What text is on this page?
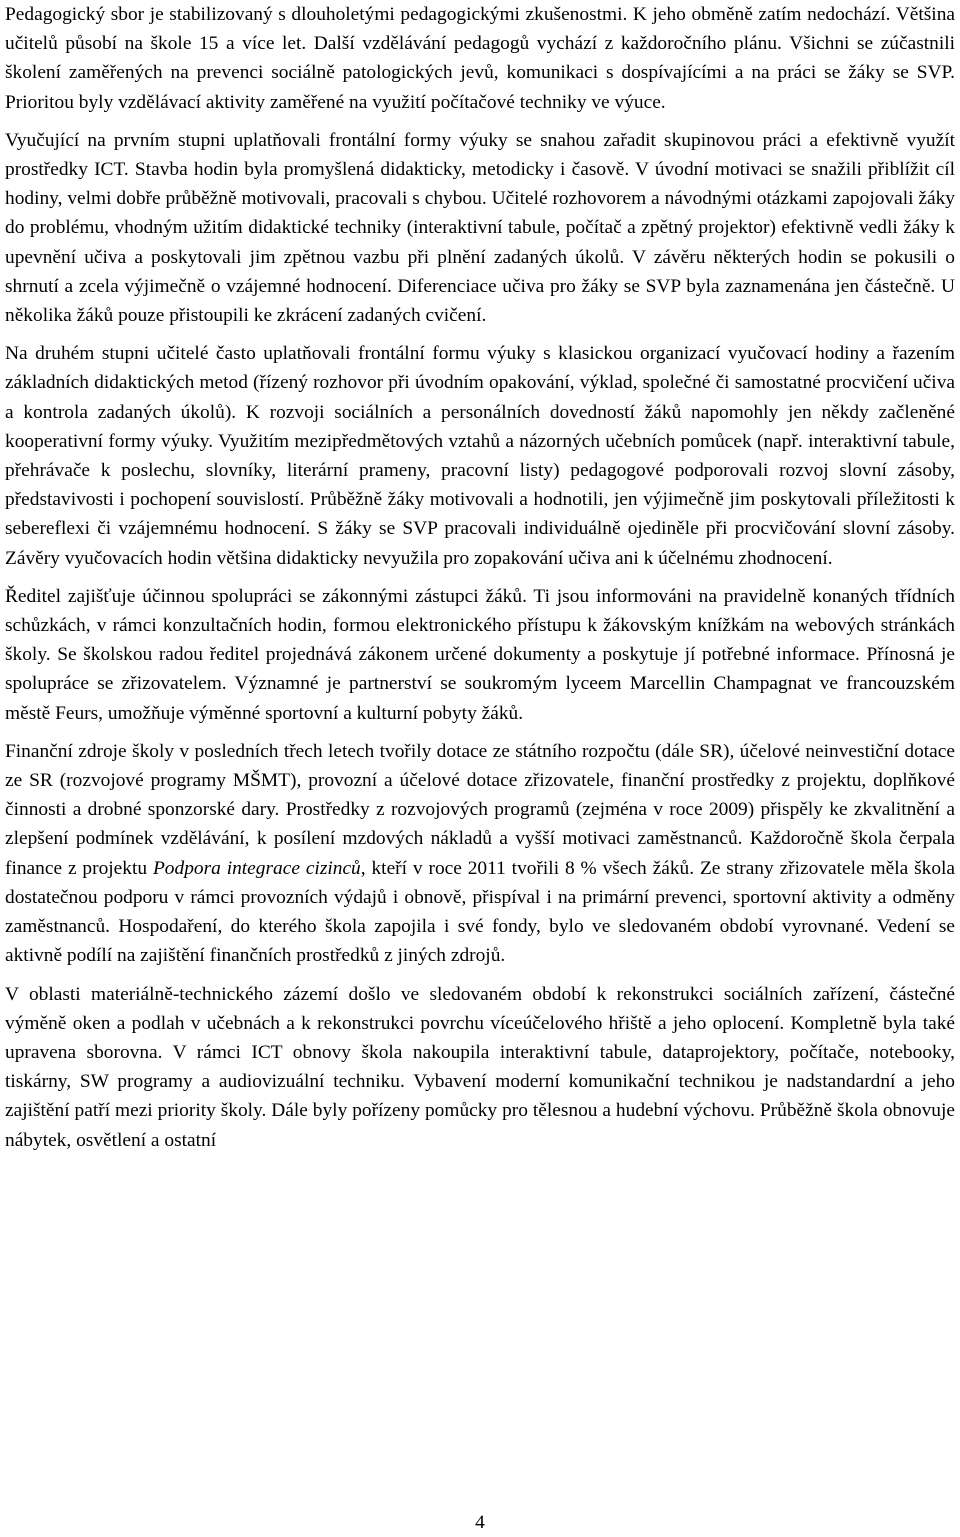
Pedagogický sbor je stabilizovaný s dlouholetými pedagogickými zkušenostmi. K jeho obměně zatím nedochází. Většina učitelů působí na škole 15 a více let. Další vzdělávání pedagogů vychází z každoročního plánu. Všichni se zúčastnili školení zaměřených na prevenci sociálně patologických jevů, komunikaci s dospívajícími a na práci se žáky se SVP. Prioritou byly vzdělávací aktivity zaměřené na využití počítačové techniky ve výuce.

Vyučující na prvním stupni uplatňovali frontální formy výuky se snahou zařadit skupinovou práci a efektivně využít prostředky ICT. Stavba hodin byla promyšlená didakticky, metodicky i časově. V úvodní motivaci se snažili přiblížit cíl hodiny, velmi dobře průběžně motivovali, pracovali s chybou. Učitelé rozhovorem a návodnými otázkami zapojovali žáky do problému, vhodným užitím didaktické techniky (interaktivní tabule, počítač a zpětný projektor) efektivně vedli žáky k upevnění učiva a poskytovali jim zpětnou vazbu při plnění zadaných úkolů. V závěru některých hodin se pokusili o shrnutí a zcela výjimečně o vzájemné hodnocení. Diferenciace učiva pro žáky se SVP byla zaznamenána jen částečně. U několika žáků pouze přistoupili ke zkrácení zadaných cvičení.

Na druhém stupni učitelé často uplatňovali frontální formu výuky s klasickou organizací vyučovací hodiny a řazením základních didaktických metod (řízený rozhovor při úvodním opakování, výklad, společné či samostatné procvičení učiva a kontrola zadaných úkolů). K rozvoji sociálních a personálních dovedností žáků napomohly jen někdy začleněné kooperativní formy výuky. Využitím mezipředmětových vztahů a názorných učebních pomůcek (např. interaktivní tabule, přehrávače k poslechu, slovníky, literární prameny, pracovní listy) pedagogové podporovali rozvoj slovní zásoby, představivosti i pochopení souvislostí. Průběžně žáky motivovali a hodnotili, jen výjimečně jim poskytovali příležitosti k sebereflexi či vzájemnému hodnocení. S žáky se SVP pracovali individuálně ojediněle při procvičování slovní zásoby. Závěry vyučovacích hodin většina didakticky nevyužila pro zopakování učiva ani k účelnému zhodnocení.

Ředitel zajišťuje účinnou spolupráci se zákonnými zástupci žáků. Ti jsou informováni na pravidelně konaných třídních schůzkách, v rámci konzultačních hodin, formou elektronického přístupu k žákovským knížkám na webových stránkách školy. Se školskou radou ředitel projednává zákonem určené dokumenty a poskytuje jí potřebné informace. Přínosná je spolupráce se zřizovatelem. Významné je partnerství se soukromým lyceem Marcellin Champagnat ve francouzském městě Feurs, umožňuje výměnné sportovní a kulturní pobyty žáků.

Finanční zdroje školy v posledních třech letech tvořily dotace ze státního rozpočtu (dále SR), účelové neinvestiční dotace ze SR (rozvojové programy MŠMT), provozní a účelové dotace zřizovatele, finanční prostředky z projektu, doplňkové činnosti a drobné sponzorské dary. Prostředky z rozvojových programů (zejména v roce 2009) přispěly ke zkvalitnění a zlepšení podmínek vzdělávání, k posílení mzdových nákladů a vyšší motivaci zaměstnanců. Každoročně škola čerpala finance z projektu Podpora integrace cizinců, kteří v roce 2011 tvořili 8 % všech žáků. Ze strany zřizovatele měla škola dostatečnou podporu v rámci provozních výdajů i obnově, přispíval i na primární prevenci, sportovní aktivity a odměny zaměstnanců. Hospodaření, do kterého škola zapojila i své fondy, bylo ve sledovaném období vyrovnané. Vedení se aktivně podílí na zajištění finančních prostředků z jiných zdrojů.

V oblasti materiálně-technického zázemí došlo ve sledovaném období k rekonstrukci sociálních zařízení, částečné výměně oken a podlah v učebnách a k rekonstrukci povrchu víceúčelového hřiště a jeho oplocení. Kompletně byla také upravena sborovna. V rámci ICT obnovy škola nakoupila interaktivní tabule, dataprojektory, počítače, notebooky, tiskárny, SW programy a audiovizuální techniku. Vybavení moderní komunikační technikou je nadstandardní a jeho zajištění patří mezi priority školy. Dále byly pořízeny pomůcky pro tělesnou a hudební výchovu. Průběžně škola obnovuje nábytek, osvětlení a ostatní

4
